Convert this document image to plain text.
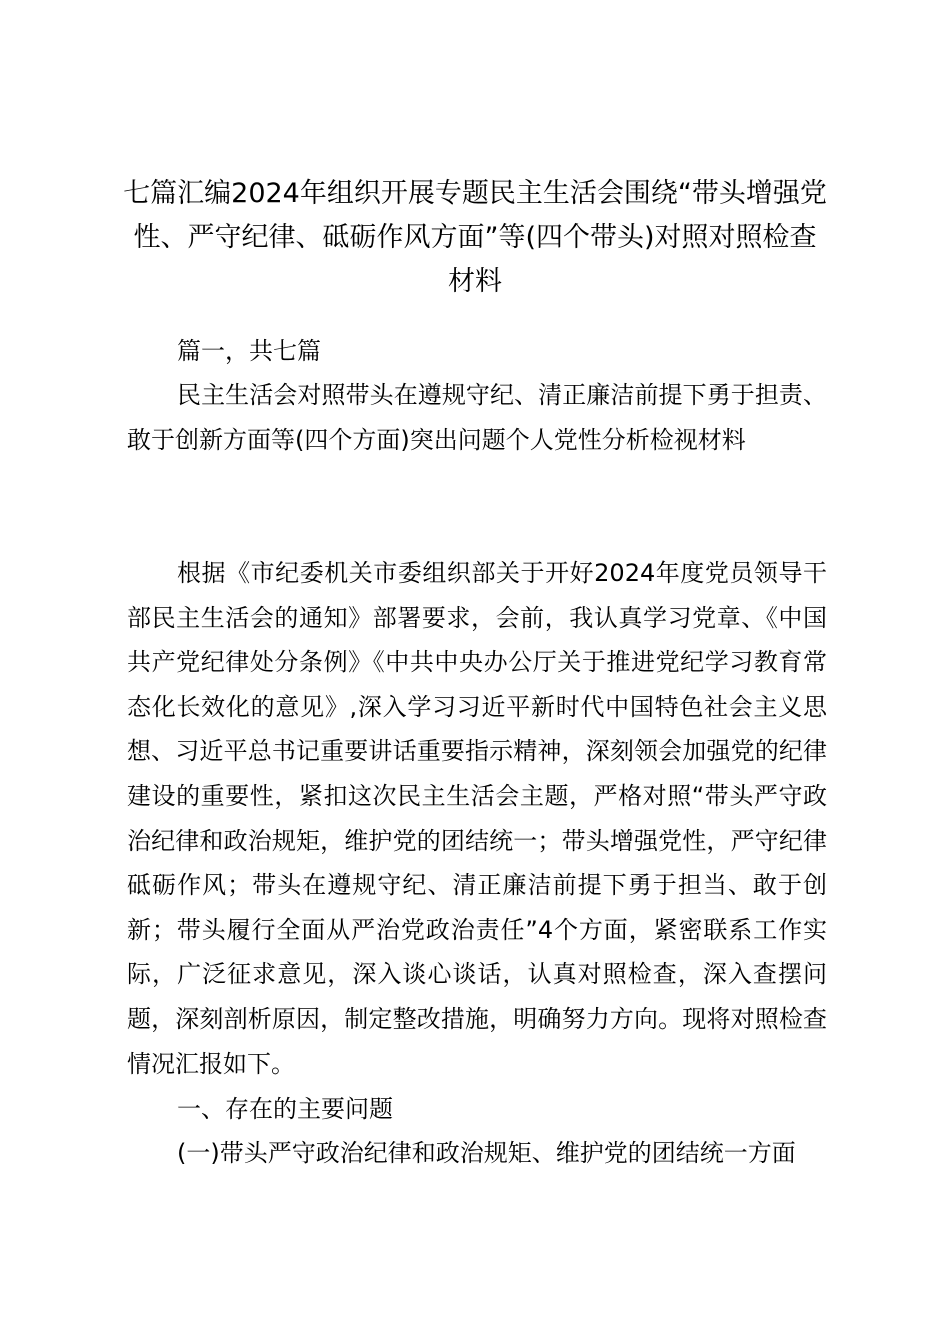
七篇汇编2024年组织开展专题民主生活会围绕“带头增强党性、严守纪律、砥砺作风方面”等(四个带头)对照对照检查材料

篇一，共七篇

民主生活会对照带头在遵规守纪、清正廉洁前提下勇于担责、敢于创新方面等(四个方面)突出问题个人党性分析检视材料

根据《市纪委机关市委组织部关于开好2024年度党员领导干部民主生活会的通知》部署要求，会前，我认真学习党章、《中国共产党纪律处分条例》《中共中央办公厅关于推进党纪学习教育常态化长效化的意见》,深入学习习近平新时代中国特色社会主义思想、习近平总书记重要讲话重要指示精神，深刻领会加强党的纪律建设的重要性，紧扣这次民主生活会主题，严格对照“带头严守政治纪律和政治规矩，维护党的团结统一；带头增强党性，严守纪律砥砺作风；带头在遵规守纪、清正廉洁前提下勇于担当、敢于创新；带头履行全面从严治党政治责任”4个方面，紧密联系工作实际，广泛征求意见，深入谈心谈话，认真对照检查，深入查摆问题，深刻剖析原因，制定整改措施，明确努力方向。现将对照检查情况汇报如下。

一、存在的主要问题

(一)带头严守政治纪律和政治规矩、维护党的团结统一方面
